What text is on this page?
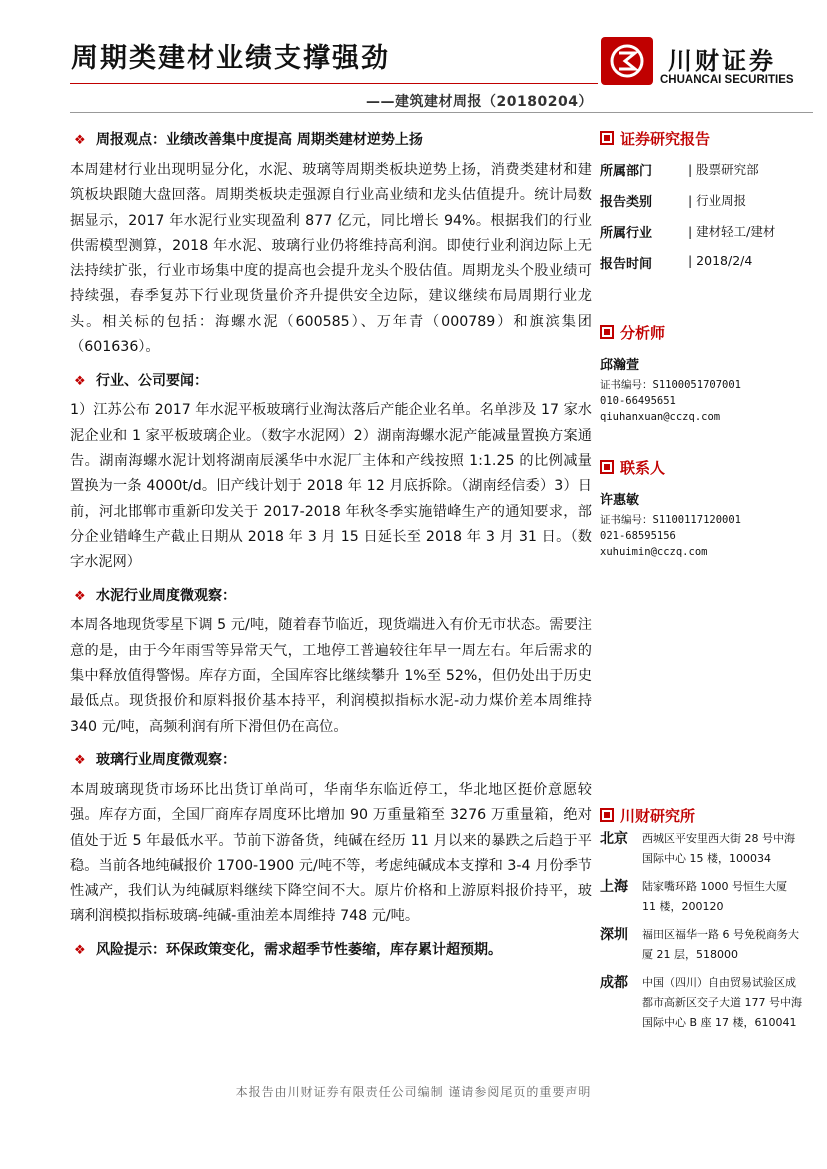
周期类建材业绩支撑强劲
——建筑建材周报（20180204）
川财证券
CHUANCAI SECURITIES
❖ 周报观点：业绩改善集中度提高 周期类建材逆势上扬

本周建材行业出现明显分化，水泥、玻璃等周期类板块逆势上扬，消费类建材和建筑板块跟随大盘回落。周期类板块走强源自行业高业绩和龙头估值提升。统计局数据显示，2017 年水泥行业实现盈利 877 亿元，同比增长 94%。根据我们的行业供需模型测算，2018 年水泥、玻璃行业仍将维持高利润。即使行业利润边际上无法持续扩张，行业市场集中度的提高也会提升龙头个股估值。周期龙头个股业绩可持续强，春季复苏下行业现货量价齐升提供安全边际，建议继续布局周期行业龙头。相关标的包括：海螺水泥（600585）、万年青（000789）和旗滨集团（601636）。

❖ 行业、公司要闻：

1）江苏公布 2017 年水泥平板玻璃行业淘汰落后产能企业名单。名单涉及 17 家水泥企业和 1 家平板玻璃企业。（数字水泥网）2）湖南海螺水泥产能减量置换方案通告。湖南海螺水泥计划将湖南辰溪华中水泥厂主体和产线按照 1:1.25 的比例减量置换为一条 4000t/d。旧产线计划于 2018 年 12 月底拆除。（湖南经信委）3）日前，河北邯郸市重新印发关于 2017-2018 年秋冬季实施错峰生产的通知要求，部分企业错峰生产截止日期从 2018 年 3 月 15 日延长至 2018 年 3 月 31 日。（数字水泥网）

❖ 水泥行业周度微观察：

本周各地现货零星下调 5 元/吨，随着春节临近，现货端进入有价无市状态。需要注意的是，由于今年雨雪等异常天气，工地停工普遍较往年早一周左右。年后需求的集中释放值得警惕。库存方面，全国库容比继续攀升 1%至 52%，但仍处出于历史最低点。现货报价和原料报价基本持平，利润模拟指标水泥-动力煤价差本周维持 340 元/吨，高频利润有所下滑但仍在高位。

❖ 玻璃行业周度微观察：

本周玻璃现货市场环比出货订单尚可，华南华东临近停工，华北地区挺价意愿较强。库存方面，全国厂商库存周度环比增加 90 万重量箱至 3276 万重量箱，绝对值处于近 5 年最低水平。节前下游备货，纯碱在经历 11 月以来的暴跌之后趋于平稳。当前各地纯碱报价 1700-1900 元/吨不等，考虑纯碱成本支撑和 3-4 月份季节性减产，我们认为纯碱原料继续下降空间不大。原片价格和上游原料报价持平，玻璃利润模拟指标玻璃-纯碱-重油差本周维持 748 元/吨。

❖ 风险提示：环保政策变化，需求超季节性萎缩，库存累计超预期。
证券研究报告
所属部门	| 股票研究部
报告类别	| 行业周报
所属行业	| 建材轻工/建材
报告时间	| 2018/2/4
分析师
邱瀚萱
证书编号：S1100051707001
010-66495651
qiuhanxuan@cczq.com
联系人
许惠敏
证书编号：S1100117120001
021-68595156
xuhuimin@cczq.com
川财研究所
北京	西城区平安里西大街 28 号中海国际中心 15 楼，100034
上海	陆家嘴环路 1000 号恒生大厦 11 楼，200120
深圳	福田区福华一路 6 号免税商务大厦 21 层，518000
成都	中国（四川）自由贸易试验区成都市高新区交子大道 177 号中海国际中心 B 座 17 楼，610041
本报告由川财证券有限责任公司编制 谨请参阅尾页的重要声明
